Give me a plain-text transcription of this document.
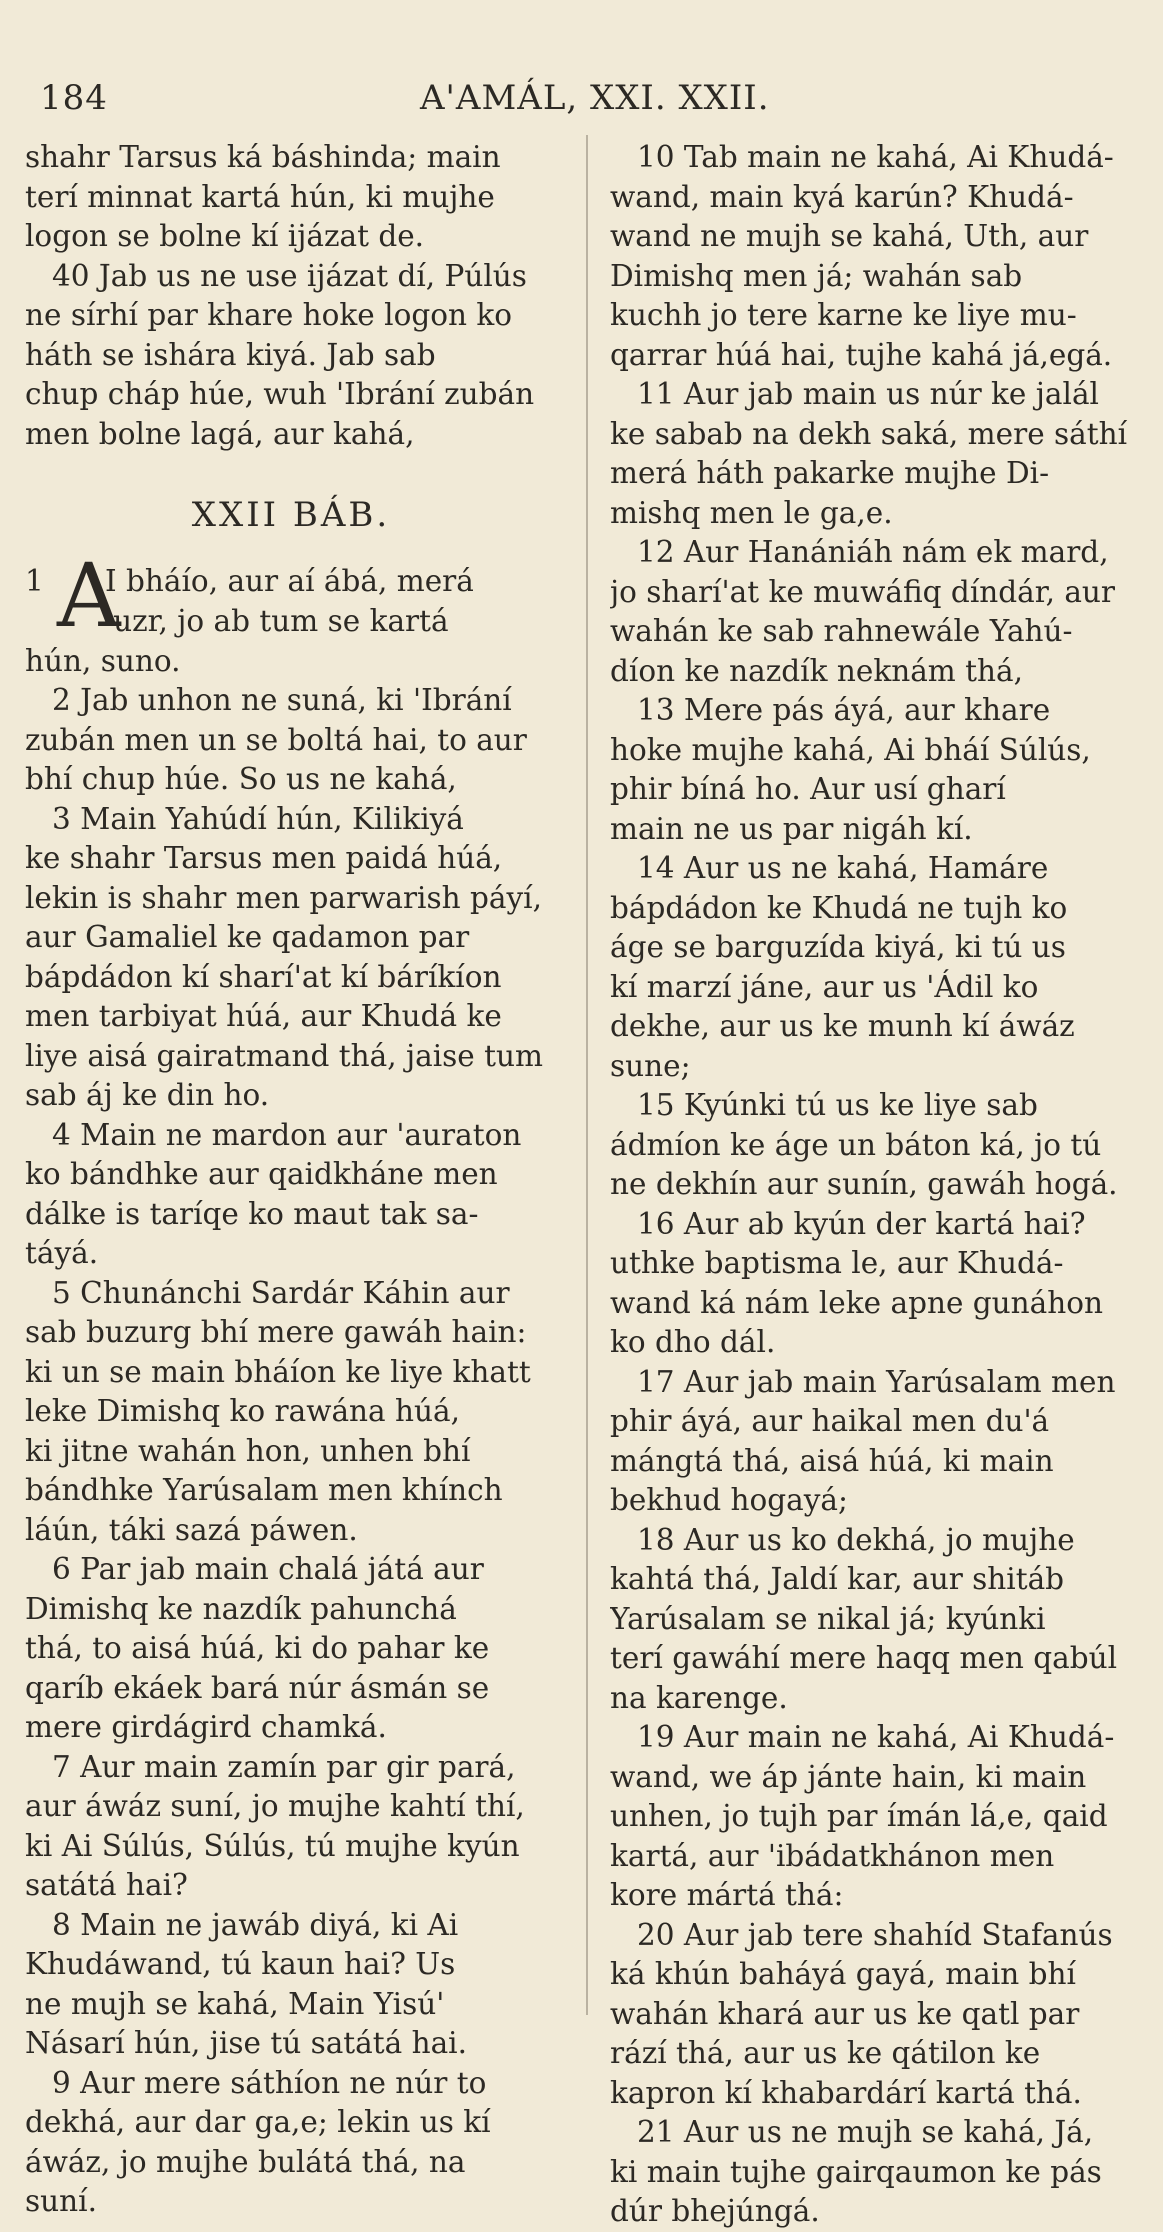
184	A'AMÁL, XXI. XXII.
shahr Tarsus ká báshinda; main
terí minnat kartá hún, ki mujhe
logon se bolne kí ijázat de.
40 Jab us ne use ijázat dí, Púlús
ne sírhí par khare hoke logon ko
háth se ishára kiyá. Jab sab
chup cháp húe, wuh 'Ibrání zubán
men bolne lagá, aur kahá,
XXII BÁB.
1 A
I bháío, aur aí ábá, merá
'uzr, jo ab tum se kartá
hún, suno.
2 Jab unhon ne suná, ki 'Ibrání
zubán men un se boltá hai, to aur
bhí chup húe. So us ne kahá,
3 Main Yahúdí hún, Kilikiyá
ke shahr Tarsus men paidá húá,
lekin is shahr men parwarish páyí,
aur Gamaliel ke qadamon par
bápdádon kí sharí'at kí báríkíon
men tarbiyat húá, aur Khudá ke
liye aisá gairatmand thá, jaise tum
sab áj ke din ho.
4 Main ne mardon aur 'auraton
ko bándhke aur qaidkháne men
dálke is taríqe ko maut tak sa-
táyá.
5 Chunánchi Sardár Káhin aur
sab buzurg bhí mere gawáh hain:
ki un se main bháíon ke liye khatt
leke Dimishq ko rawána húá,
ki jitne wahán hon, unhen bhí
bándhke Yarúsalam men khínch
láún, táki sazá páwen.
6 Par jab main chalá játá aur
Dimishq ke nazdík pahunchá
thá, to aisá húá, ki do pahar ke
qaríb ekáek bará núr ásmán se
mere girdágird chamká.
7 Aur main zamín par gir pará,
aur áwáz suní, jo mujhe kahtí thí,
ki Ai Súlús, Súlús, tú mujhe kyún
satátá hai?
8 Main ne jawáb diyá, ki Ai
Khudáwand, tú kaun hai? Us
ne mujh se kahá, Main Yisú'
Násarí hún, jise tú satátá hai.
9 Aur mere sáthíon ne núr to
dekhá, aur dar ga,e; lekin us kí
áwáz, jo mujhe bulátá thá, na
suní.
10 Tab main ne kahá, Ai Khudá-
wand, main kyá karún? Khudá-
wand ne mujh se kahá, Uth, aur
Dimishq men já; wahán sab
kuchh jo tere karne ke liye mu-
qarrar húá hai, tujhe kahá já,egá.
11 Aur jab main us núr ke jalál
ke sabab na dekh saká, mere sáthí
merá háth pakarke mujhe Di-
mishq men le ga,e.
12 Aur Hanániáh nám ek mard,
jo sharí'at ke muwáfiq díndár, aur
wahán ke sab rahnewále Yahú-
díon ke nazdík neknám thá,
13 Mere pás áyá, aur khare
hoke mujhe kahá, Ai bháí Súlús,
phir bíná ho. Aur usí gharí
main ne us par nigáh kí.
14 Aur us ne kahá, Hamáre
bápdádon ke Khudá ne tujh ko
áge se barguzída kiyá, ki tú us
kí marzí jáne, aur us 'Ádil ko
dekhe, aur us ke munh kí áwáz
sune;
15 Kyúnki tú us ke liye sab
ádmíon ke áge un báton ká, jo tú
ne dekhín aur sunín, gawáh hogá.
16 Aur ab kyún der kartá hai?
uthke baptisma le, aur Khudá-
wand ká nám leke apne gunáhon
ko dho dál.
17 Aur jab main Yarúsalam men
phir áyá, aur haikal men du'á
mángtá thá, aisá húá, ki main
bekhud hogayá;
18 Aur us ko dekhá, jo mujhe
kahtá thá, Jaldí kar, aur shitáb
Yarúsalam se nikal já; kyúnki
terí gawáhí mere haqq men qabúl
na karenge.
19 Aur main ne kahá, Ai Khudá-
wand, we áp jánte hain, ki main
unhen, jo tujh par ímán lá,e, qaid
kartá, aur 'ibádatkhánon men
kore mártá thá:
20 Aur jab tere shahíd Stafanús
ká khún baháyá gayá, main bhí
wahán khará aur us ke qatl par
rází thá, aur us ke qátilon ke
kapron kí khabardárí kartá thá.
21 Aur us ne mujh se kahá, Já,
ki main tujhe gairqaumon ke pás
dúr bhejúngá.
